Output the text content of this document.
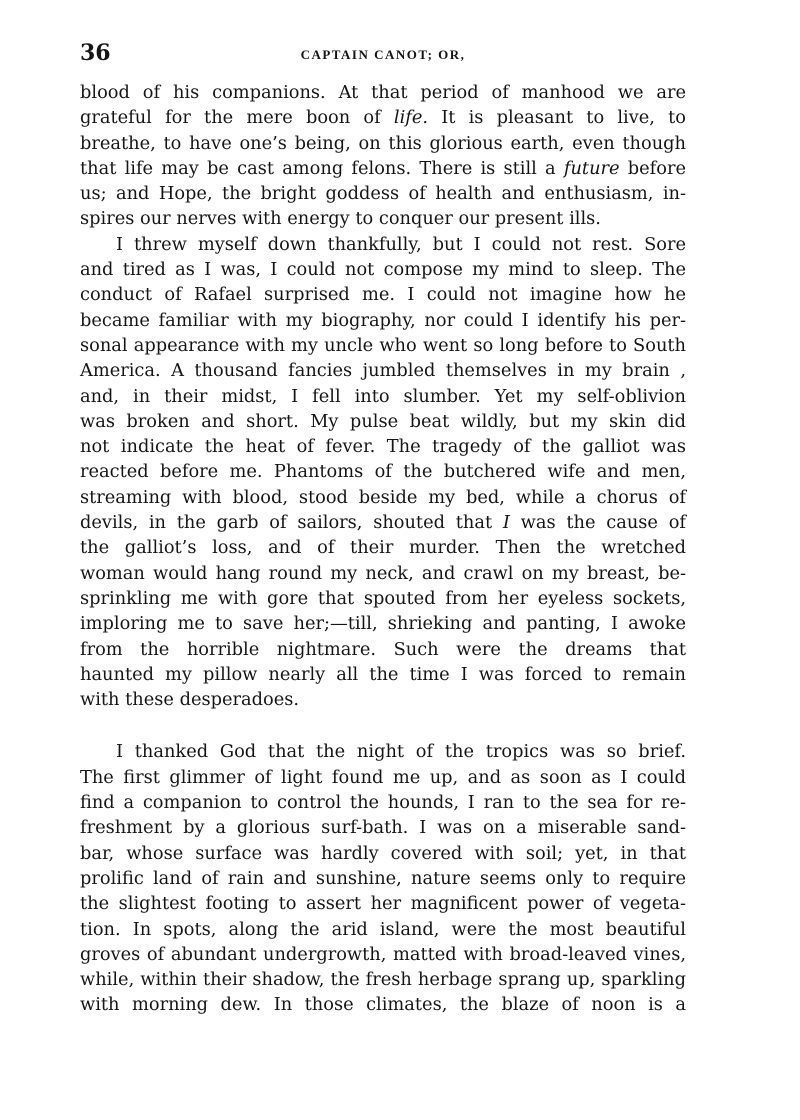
36	CAPTAIN CANOT; OR,
blood of his companions. At that period of manhood we are
grateful for the mere boon of life. It is pleasant to live, to
breathe, to have one’s being, on this glorious earth, even though
that life may be cast among felons. There is still a future before
us; and Hope, the bright goddess of health and enthusiasm, in-
spires our nerves with energy to conquer our present ills.
I threw myself down thankfully, but I could not rest. Sore
and tired as I was, I could not compose my mind to sleep. The
conduct of Rafael surprised me. I could not imagine how he
became familiar with my biography, nor could I identify his per-
sonal appearance with my uncle who went so long before to South
America. A thousand fancies jumbled themselves in my brain ,
and, in their midst, I fell into slumber. Yet my self-oblivion
was broken and short. My pulse beat wildly, but my skin did
not indicate the heat of fever. The tragedy of the galliot was
reacted before me. Phantoms of the butchered wife and men,
streaming with blood, stood beside my bed, while a chorus of
devils, in the garb of sailors, shouted that I was the cause of
the galliot’s loss, and of their murder. Then the wretched
woman would hang round my neck, and crawl on my breast, be-
sprinkling me with gore that spouted from her eyeless sockets,
imploring me to save her;—till, shrieking and panting, I awoke
from the horrible nightmare. Such were the dreams that
haunted my pillow nearly all the time I was forced to remain
with these desperadoes.
I thanked God that the night of the tropics was so brief.
The first glimmer of light found me up, and as soon as I could
find a companion to control the hounds, I ran to the sea for re-
freshment by a glorious surf-bath. I was on a miserable sand-
bar, whose surface was hardly covered with soil; yet, in that
prolific land of rain and sunshine, nature seems only to require
the slightest footing to assert her magnificent power of vegeta-
tion. In spots, along the arid island, were the most beautiful
groves of abundant undergrowth, matted with broad-leaved vines,
while, within their shadow, the fresh herbage sprang up, sparkling
with morning dew. In those climates, the blaze of noon is a
